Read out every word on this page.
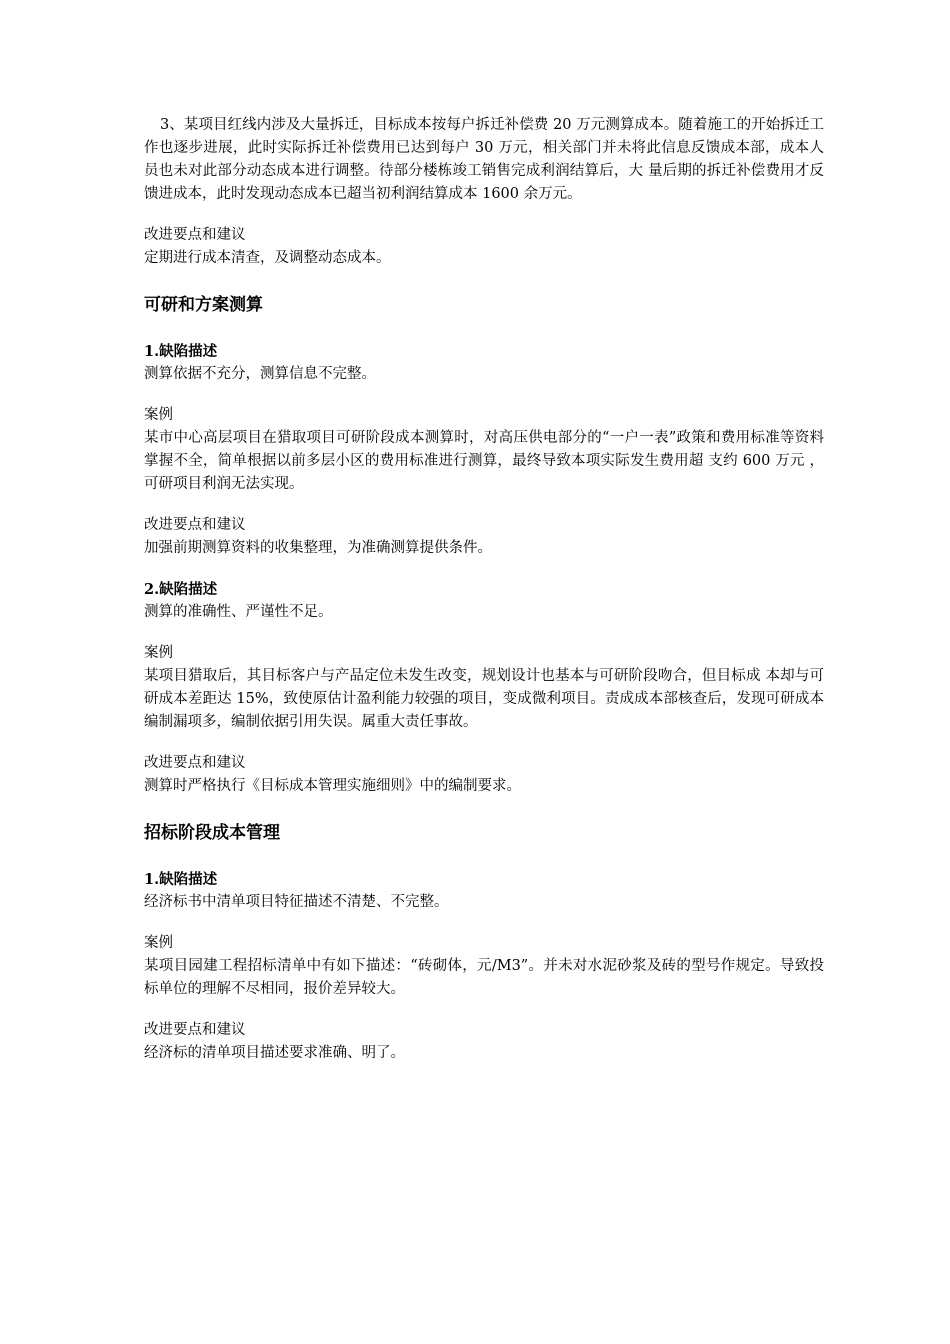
3、某项目红线内涉及大量拆迁，目标成本按每户拆迁补偿费 20 万元测算成本。随着施工的开始拆迁工作也逐步进展，此时实际拆迁补偿费用已达到每户 30 万元，相关部门并未将此信息反馈成本部，成本人员也未对此部分动态成本进行调整。待部分楼栋竣工销售完成利润结算后，大 量后期的拆迁补偿费用才反馈进成本，此时发现动态成本已超当初利润结算成本 1600 余万元。

改进要点和建议

定期进行成本清查，及调整动态成本。

可研和方案测算

1.缺陷描述

测算依据不充分，测算信息不完整。

案例

某市中心高层项目在猎取项目可研阶段成本测算时，对高压供电部分的“一户一表”政策和费用标准等资料掌握不全，简单根据以前多层小区的费用标准进行测算，最终导致本项实际发生费用超 支约 600 万元 ，可研项目利润无法实现。

改进要点和建议

加强前期测算资料的收集整理，为准确测算提供条件。

2.缺陷描述

测算的准确性、严谨性不足。

案例

某项目猎取后，其目标客户与产品定位未发生改变，规划设计也基本与可研阶段吻合，但目标成 本却与可研成本差距达 15%，致使原估计盈利能力较强的项目，变成微利项目。责成成本部核查后，发现可研成本编制漏项多，编制依据引用失误。属重大责任事故。

改进要点和建议

测算时严格执行《目标成本管理实施细则》中的编制要求。

招标阶段成本管理

1.缺陷描述

经济标书中清单项目特征描述不清楚、不完整。

案例

某项目园建工程招标清单中有如下描述：“砖砌体，元/M3”。并未对水泥砂浆及砖的型号作规定。导致投标单位的理解不尽相同，报价差异较大。

改进要点和建议

经济标的清单项目描述要求准确、明了。
